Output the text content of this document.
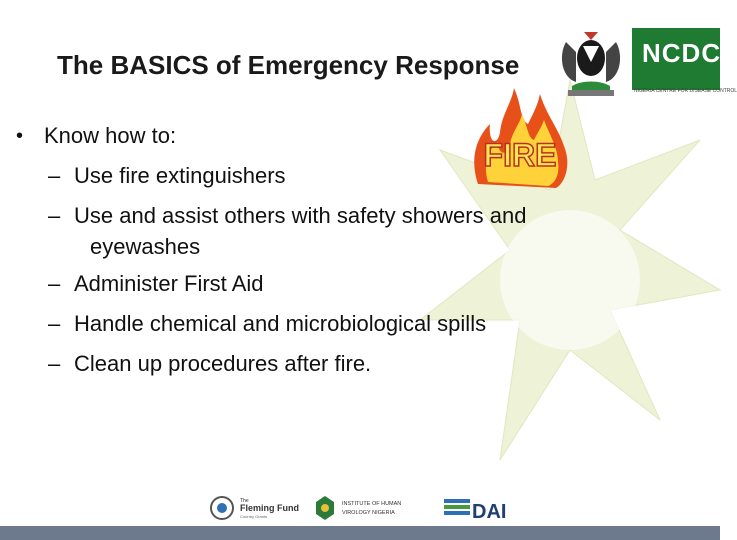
The BASICS of Emergency Response	NCDC
NIGERIA CENTRE FOR DISEASE CONTROL
FIRE
• Know how to:
– Use fire extinguishers
– Use and assist others with safety showers and
eyewashes
– Administer First Aid
– Handle chemical and microbiological spills
– Clean up procedures after fire.
The
Fleming Fund
Country Grants
INSTITUTE OF HUMAN
VIROLOGY NIGERIA	DAI
